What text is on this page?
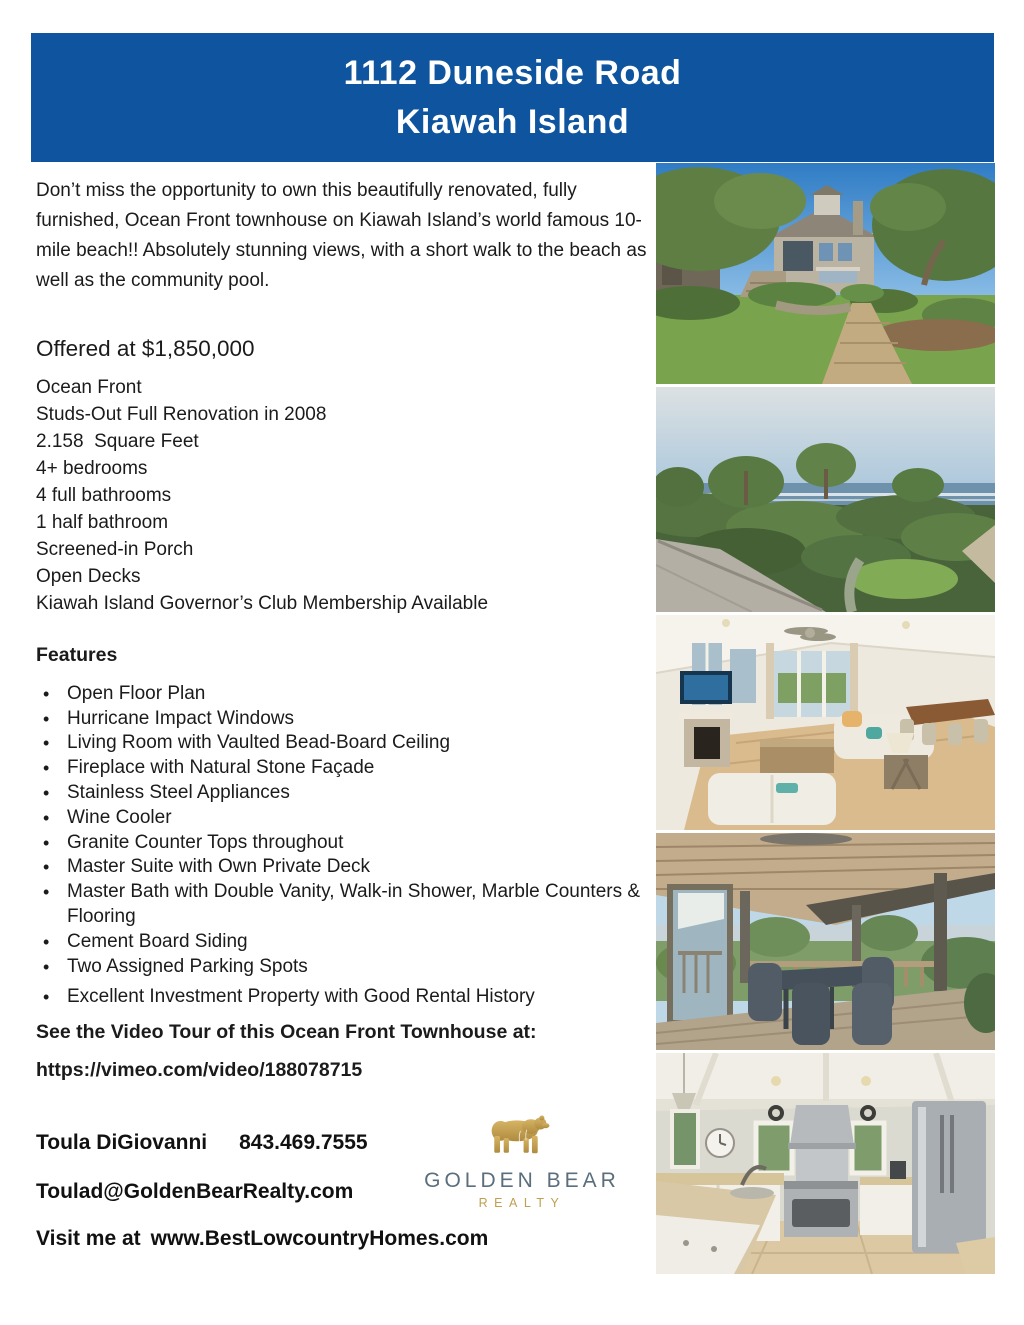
1112 Duneside Road
Kiawah Island
Don’t miss the opportunity to own this beautifully renovated, fully furnished, Ocean Front townhouse on Kiawah Island’s world famous 10-mile beach!! Absolutely stunning views, with a short walk to the beach as well as the community pool.
Offered at $1,850,000
Ocean Front
Studs-Out Full Renovation in 2008
2.158  Square Feet
4+ bedrooms
4 full bathrooms
1 half bathroom
Screened-in Porch
Open Decks
Kiawah Island Governor’s Club Membership Available
Features
• Open Floor Plan
• Hurricane Impact Windows
• Living Room with Vaulted Bead-Board Ceiling
• Fireplace with Natural Stone Façade
• Stainless Steel Appliances
• Wine Cooler
• Granite Counter Tops throughout
• Master Suite with Own Private Deck
• Master Bath with Double Vanity, Walk-in Shower, Marble Counters & Flooring
• Cement Board Siding
• Two Assigned Parking Spots
• Excellent Investment Property with Good Rental History
See the Video Tour of this Ocean Front Townhouse at:
https://vimeo.com/video/188078715
Toula DiGiovanni 843.469.7555
Toulad@GoldenBearRealty.com
Visit me at www.BestLowcountryHomes.com
GOLDEN BEAR
REALTY
